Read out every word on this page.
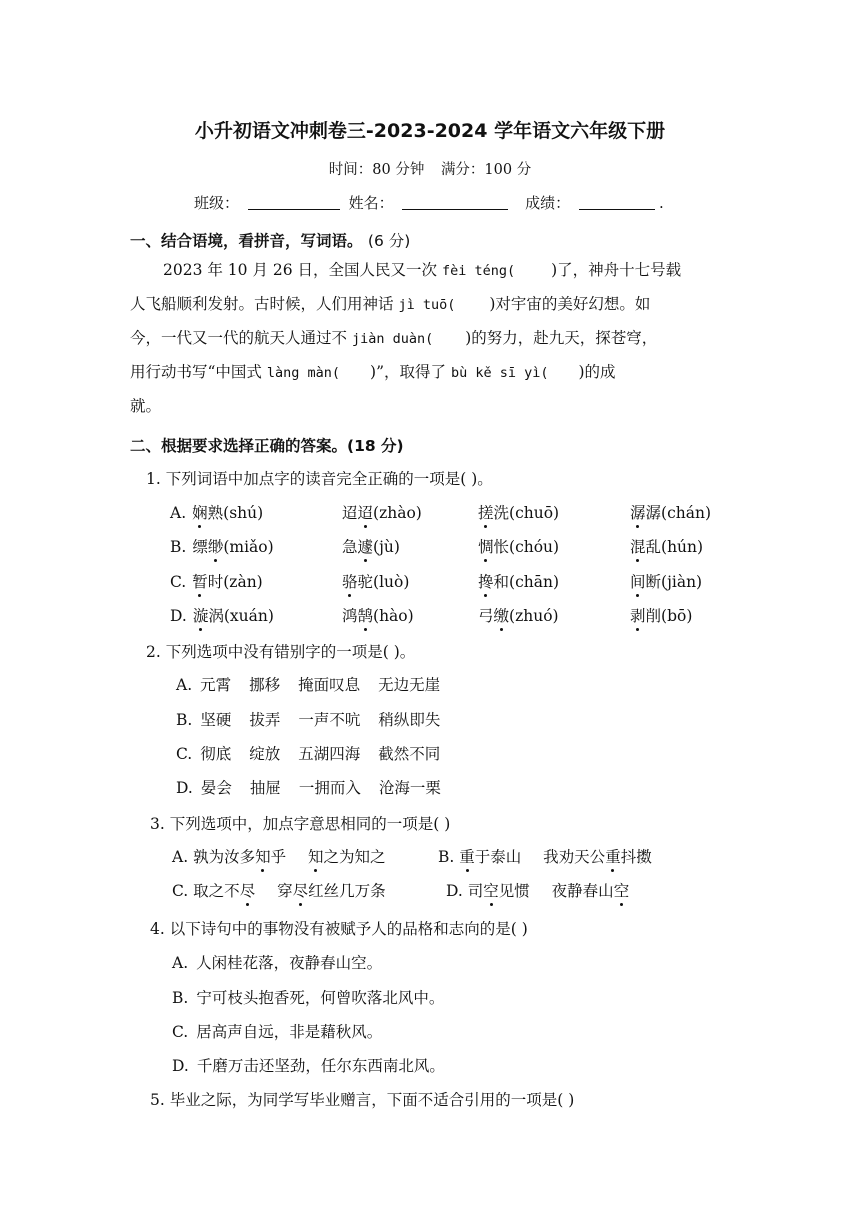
小升初语文冲刺卷三-2023-2024 学年语文六年级下册
时间：80 分钟 满分：100 分
班级：	姓名：	成绩：	.
一、结合语境，看拼音，写词语。 (6 分)
2023 年 10 月 26 日，全国人民又一次 fèi téng( )了，神舟十七号载
人飞船顺利发射。古时候，人们用神话 jì tuō( )对宇宙的美好幻想。如
今，一代又一代的航天人通过不 jiàn duàn( )的努力，赴九天，探苍穹，
用行动书写“中国式 làng màn( )”，取得了 bù kě sī yì( )的成
就。
二、根据要求选择正确的答案。(18 分)
1. 下列词语中加点字的读音完全正确的一项是( )。
A. 娴熟(shú)	迢迢(zhào)	搓洗(chuō)	潺潺(chán)
B. 缥缈(miǎo)	急遽(jù)	惆怅(chóu)	混乱(hún)
C. 暂时(zàn)	骆驼(luò)	搀和(chān)	间断(jiàn)
D. 漩涡(xuán)	鸿鹄(hào)	弓缴(zhuó)	剥削(bō)
2. 下列选项中没有错别字的一项是( )。
A. 元霄 挪移 掩面叹息 无边无崖
B. 坚硬 拔弄 一声不吭 稍纵即失
C. 彻底 绽放 五湖四海 截然不同
D. 晏会 抽屉 一拥而入 沧海一栗
3. 下列选项中，加点字意思相同的一项是( )
A. 孰为汝多知乎 知之为知之	B. 重于泰山 我劝天公重抖擞
C. 取之不尽 穿尽红丝几万条	D. 司空见惯 夜静春山空
4. 以下诗句中的事物没有被赋予人的品格和志向的是( )
A. 人闲桂花落，夜静春山空。
B. 宁可枝头抱香死，何曾吹落北风中。
C. 居高声自远，非是藉秋风。
D. 千磨万击还坚劲，任尔东西南北风。
5. 毕业之际，为同学写毕业赠言，下面不适合引用的一项是( )
